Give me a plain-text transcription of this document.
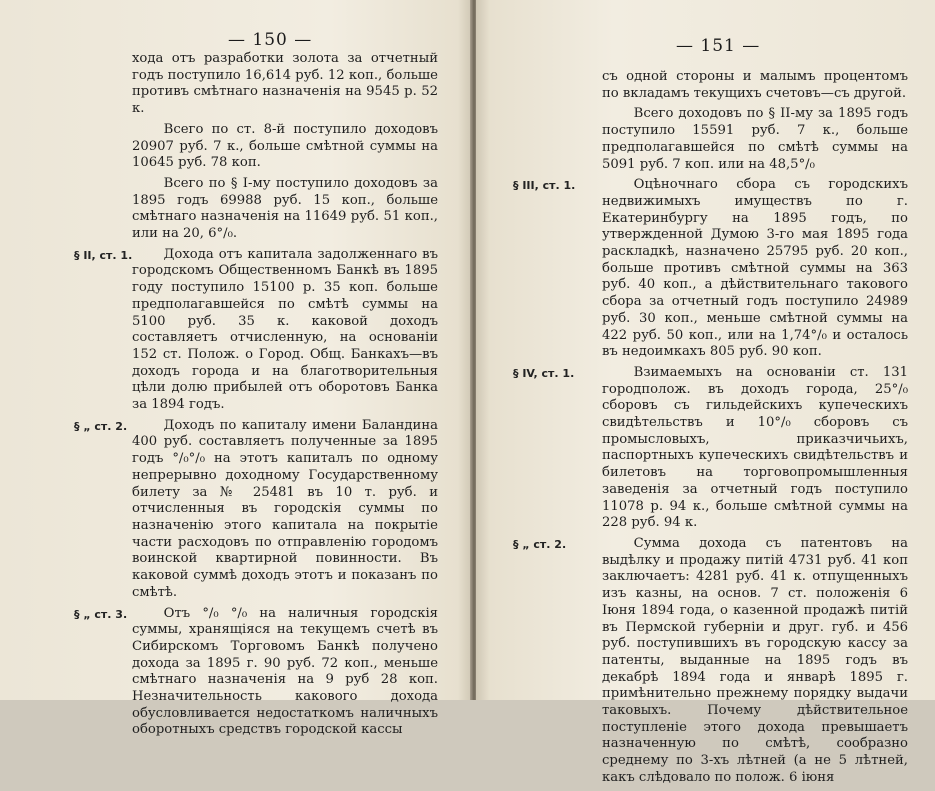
— 150 —

хода отъ разработки золота за отчетный годъ поступило 16,614 руб. 12 коп., больше противъ смѣтнаго назначенія на 9545 р. 52 к.

Всего по ст. 8-й поступило доходовъ 20907 руб. 7 к., больше смѣтной суммы на 10645 руб. 78 коп.

Всего по § I-му поступило доходовъ за 1895 годъ 69988 руб. 15 коп., больше смѣтнаго назначенія на 11649 руб. 51 коп., или на 20, 6°/₀.

§ II, ст. 1. Дохода отъ капитала задолженнаго въ городскомъ Общественномъ Банкѣ въ 1895 году поступило 15100 р. 35 коп. больше предполагавшейся по смѣтѣ суммы на 5100 руб. 35 к. каковой доходъ составляетъ отчисленную, на основаніи 152 ст. Полож. о Город. Общ. Банкахъ—въ доходъ города и на благотворительныя цѣли долю прибылей отъ оборотовъ Банка за 1894 годъ.

§ „ ст. 2.	Доходъ по капиталу имени Баландина 400 руб. составляетъ полученные за 1895 годъ °/₀°/₀ на этотъ капиталъ по одному непрерывно доходному Государственному билету за № 25481 въ 10 т. руб. и отчисленныя въ городскія суммы по назначенію этого капитала на покрытіе части расходовъ по отправленію городомъ воинской квартирной повинности. Въ каковой суммѣ доходъ этотъ и показанъ по смѣтѣ.

§ „ ст. 3.	Отъ °/₀ °/₀ на наличныя городскія суммы, хранящіяся на текущемъ счетѣ въ Сибирскомъ Торговомъ Банкѣ получено дохода за 1895 г. 90 руб. 72 коп., меньше смѣтнаго назначенія на 9 руб 28 коп. Незначительность какового дохода обусловливается недостаткомъ наличныхъ оборотныхъ средствъ городской кассы

— 151 —

съ одной стороны и малымъ процентомъ по вкладамъ текущихъ счетовъ—съ другой.

Всего доходовъ по § II-му за 1895 годъ поступило 15591 руб. 7 к., больше предполагавшейся по смѣтѣ суммы на 5091 руб. 7 коп. или на 48,5°/₀

§ III, ст. 1.	Оцѣночнаго сбора съ городскихъ недвижимыхъ имуществъ по г. Екатеринбургу на 1895 годъ, по утвержденной Думою 3-го мая 1895 года раскладкѣ, назначено 25795 руб. 20 коп., больше противъ смѣтной суммы на 363 руб. 40 коп., а дѣйствительнаго такового сбора за отчетный годъ поступило 24989 руб. 30 коп., меньше смѣтной суммы на 422 руб. 50 коп., или на 1,74°/₀ и осталось въ недоимкахъ 805 руб. 90 коп.

§ IV, ст. 1.	Взимаемыхъ на основаніи ст. 131 городполож. въ доходъ города, 25°/₀ сборовъ съ гильдейскихъ купеческихъ свидѣтельствъ и 10°/₀ сборовъ съ промысловыхъ, приказчичьихъ, паспортныхъ купеческихъ свидѣтельствъ и билетовъ на торговопромышленныя заведенія за отчетный годъ поступило 11078 р. 94 к., больше смѣтной суммы на 228 руб. 94 к.

§ „ ст. 2.	Сумма дохода съ патентовъ на выдѣлку и продажу питій 4731 руб. 41 коп заключаетъ: 4281 руб. 41 к. отпущенныхъ изъ казны, на основ. 7 ст. положенія 6 Іюня 1894 года, о казенной продажѣ питій въ Пермской губерніи и друг. губ. и 456 руб. поступившихъ въ городскую кассу за патенты, выданные на 1895 годъ въ декабрѣ 1894 года и январѣ 1895 г. примѣнительно прежнему порядку выдачи таковыхъ. Почему дѣйствительное поступленіе этого дохода превышаетъ назначенную по смѣтѣ, сообразно среднему по 3-хъ лѣтней (а не 5 лѣтней, какъ слѣдовало по полож. 6 іюня
